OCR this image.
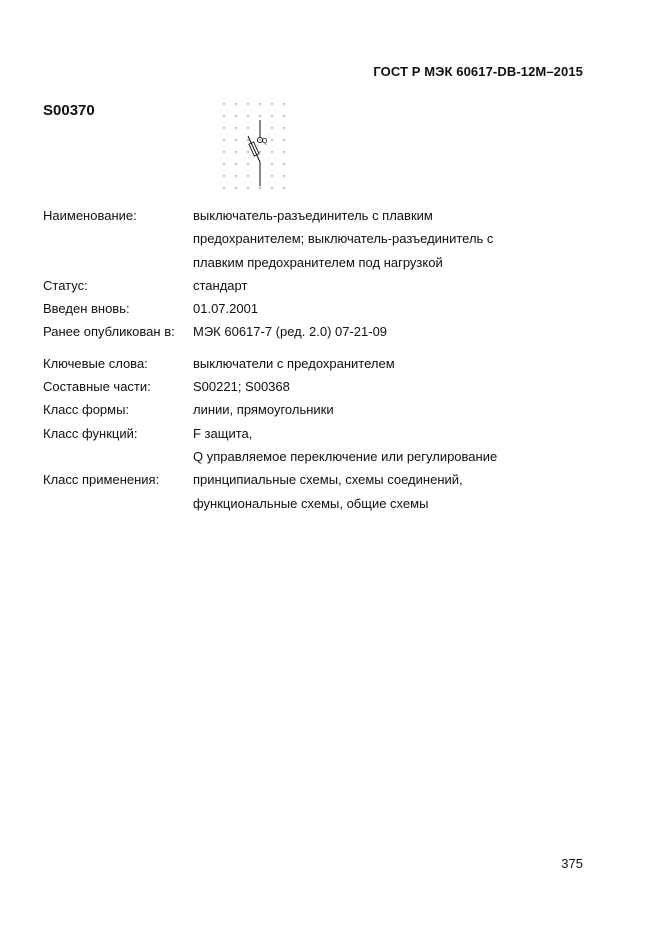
ГОСТ Р МЭК 60617-DB-12M–2015
S00370
Q
Наименование:	выключатель-разъединитель с плавким
предохранителем; выключатель-разъединитель с
плавким предохранителем под нагрузкой
Статус:	стандарт
Введен вновь:	01.07.2001
Ранее опубликован в:	МЭК 60617-7 (ред. 2.0) 07-21-09
Ключевые слова:	выключатели с предохранителем
Составные части:	S00221; S00368
Класс формы:	линии, прямоугольники
Класс функций:	F защита,
Q управляемое переключение или регулирование
Класс применения:	принципиальные схемы, схемы соединений,
функциональные схемы, общие схемы
375
